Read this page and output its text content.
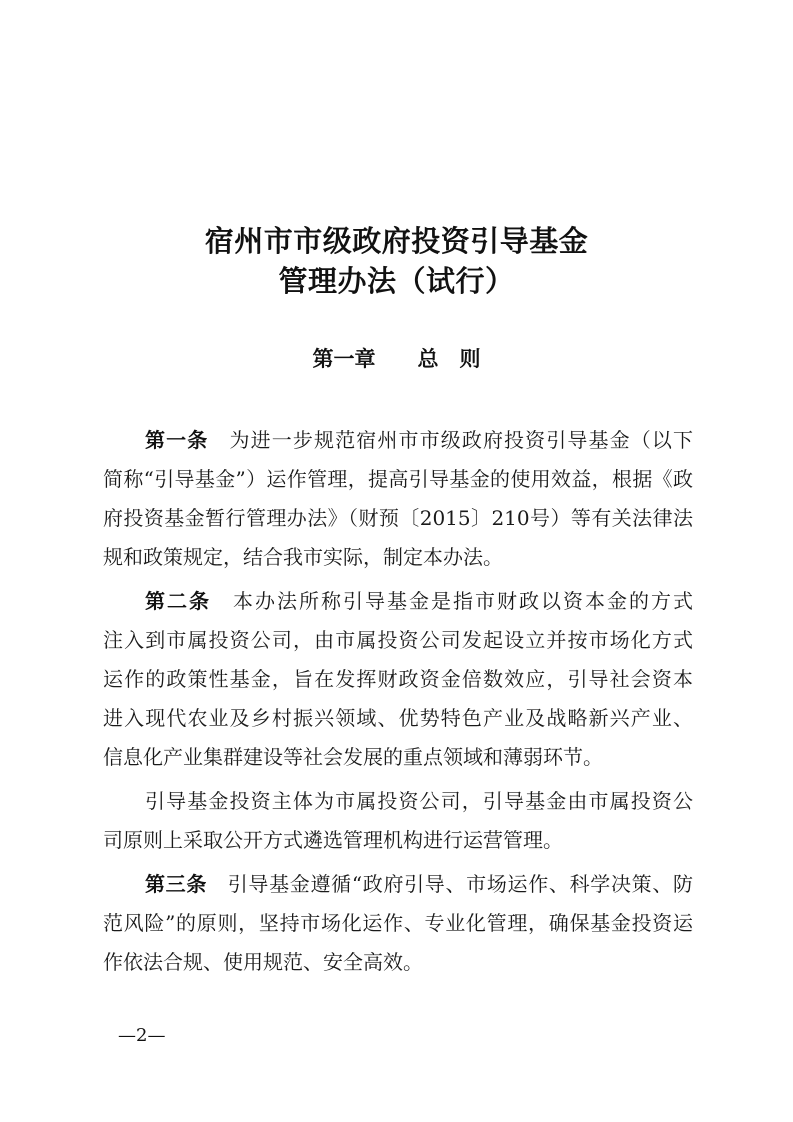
宿州市市级政府投资引导基金
管理办法（试行）
第一章　　总　则
第一条　 为进一步规范宿州市市级政府投资引导基金（以下
简称“引导基金”）运作管理，提高引导基金的使用效益，根据《政
府投资基金暂行管理办法》（财预〔2015〕210号）等有关法律法
规和政策规定，结合我市实际，制定本办法。
第二条　 本办法所称引导基金是指市财政以资本金的方式
注入到市属投资公司，由市属投资公司发起设立并按市场化方式
运作的政策性基金，旨在发挥财政资金倍数效应，引导社会资本
进入现代农业及乡村振兴领域、优势特色产业及战略新兴产业、
信息化产业集群建设等社会发展的重点领域和薄弱环节。
引导基金投资主体为市属投资公司，引导基金由市属投资公
司原则上采取公开方式遴选管理机构进行运营管理。
第三条　 引导基金遵循“政府引导、市场运作、科学决策、防
范风险”的原则，坚持市场化运作、专业化管理，确保基金投资运
作依法合规、使用规范、安全高效。
—2—
